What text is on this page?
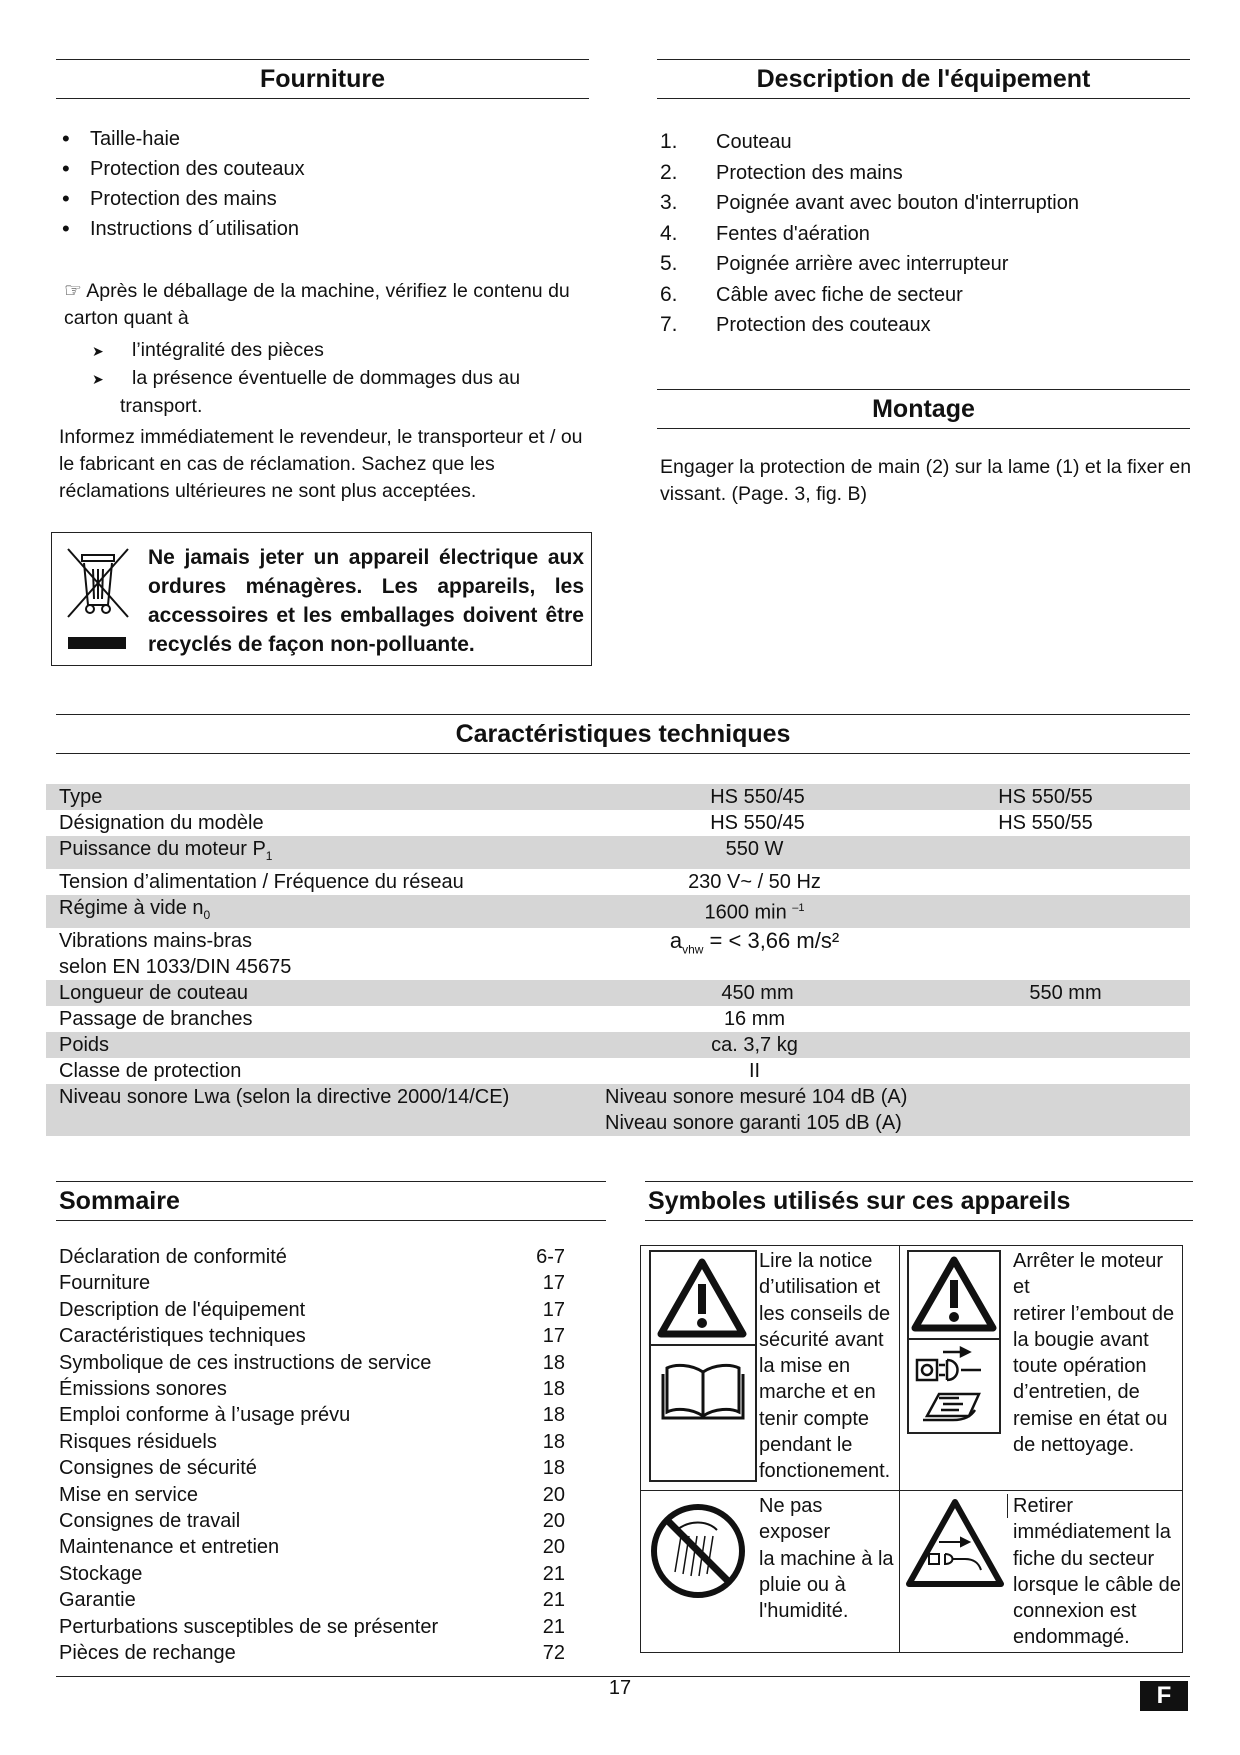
Fourniture
• Taille-haie
• Protection des couteaux
• Protection des mains
• Instructions d´utilisation
☞ Après le déballage de la machine, vérifiez le contenu du
carton quant à
➤ l’intégralité des pièces
➤ la présence éventuelle de dommages dus au
transport.
Informez immédiatement le revendeur, le transporteur et / ou
le fabricant en cas de réclamation. Sachez que les
réclamations ultérieures ne sont plus acceptées.
Ne jamais jeter un appareil électrique aux ordures ménagères. Les appareils, les accessoires et les emballages doivent être recyclés de façon non-polluante.
Description de l'équipement
1.	Couteau
2.	Protection des mains
3.	Poignée avant avec bouton d'interruption
4.	Fentes d'aération
5.	Poignée arrière avec interrupteur
6.	Câble avec fiche de secteur
7.	Protection des couteaux
Montage
Engager la protection de main (2) sur la lame (1) et la fixer en
vissant. (Page. 3, fig. B)
Caractéristiques techniques
Type	HS 550/45	HS 550/55
Désignation du modèle	HS 550/45	HS 550/55
Puissance du moteur $P_1$	550 W	
Tension d’alimentation / Fréquence du réseau	230 V~ / 50 Hz	
Régime à vide $n_0$	1600 min $^{-1}$
Vibrations mains-bras
selon EN 1033/DIN 45675	$a_{vhw}$ = < 3,66 m/s²	
Longueur de couteau	450 mm	550 mm
Passage de branches	16 mm	
Poids	ca. 3,7 kg	
Classe de protection	II	
Niveau sonore Lwa (selon la directive 2000/14/CE)	Niveau sonore mesuré 104 dB (A)
Niveau sonore garanti 105 dB (A)	
Sommaire
Déclaration de conformité	6-7
Fourniture	17
Description de l'équipement	17
Caractéristiques techniques	17
Symbolique de ces instructions de service	18
Émissions sonores	18
Emploi conforme à l’usage prévu	18
Risques résiduels	18
Consignes de sécurité	18
Mise en service	20
Consignes de travail	20
Maintenance et entretien	20
Stockage	21
Garantie	21
Perturbations susceptibles de se présenter	21
Pièces de rechange	72
Symboles utilisés sur ces appareils
Lire la notice
d’utilisation et
les conseils de
sécurité avant
la mise en
marche et en
tenir compte
pendant le
fonctionement.
Arrêter le moteur et
retirer l’embout de
la bougie avant
toute opération
d’entretien, de
remise en état ou
de nettoyage.
Ne pas exposer
la machine à la
pluie ou à
l'humidité.
Retirer
immédiatement la
fiche du secteur
lorsque le câble de
connexion est
endommagé.
17	F
